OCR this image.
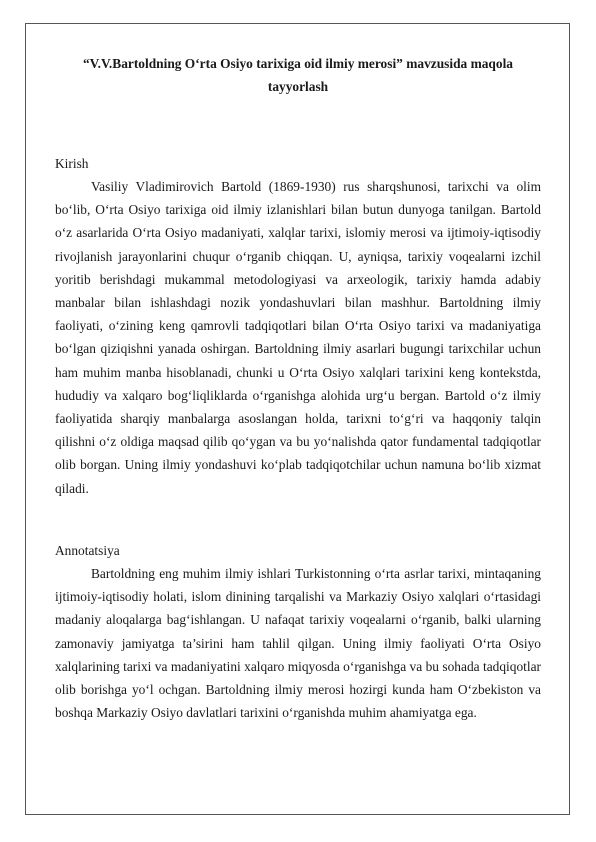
“V.V.Bartoldning O‘rta Osiyo tarixiga oid ilmiy merosi” mavzusida maqola tayyorlash

Kirish

Vasiliy Vladimirovich Bartold (1869-1930) rus sharqshunosi, tarixchi va olim bo‘lib, O‘rta Osiyo tarixiga oid ilmiy izlanishlari bilan butun dunyoga tanilgan. Bartold o‘z asarlarida O‘rta Osiyo madaniyati, xalqlar tarixi, islomiy merosi va ijtimoiy-iqtisodiy rivojlanish jarayonlarini chuqur o‘rganib chiqqan. U, ayniqsa, tarixiy voqealarni izchil yoritib berishdagi mukammal metodologiyasi va arxeologik, tarixiy hamda adabiy manbalar bilan ishlashdagi nozik yondashuvlari bilan mashhur. Bartoldning ilmiy faoliyati, o‘zining keng qamrovli tadqiqotlari bilan O‘rta Osiyo tarixi va madaniyatiga bo‘lgan qiziqishni yanada oshirgan. Bartoldning ilmiy asarlari bugungi tarixchilar uchun ham muhim manba hisoblanadi, chunki u O‘rta Osiyo xalqlari tarixini keng kontekstda, hududiy va xalqaro bog‘liqliklarda o‘rganishga alohida urg‘u bergan. Bartold o‘z ilmiy faoliyatida sharqiy manbalarga asoslangan holda, tarixni to‘g‘ri va haqqoniy talqin qilishni o‘z oldiga maqsad qilib qo‘ygan va bu yo‘nalishda qator fundamental tadqiqotlar olib borgan. Uning ilmiy yondashuvi ko‘plab tadqiqotchilar uchun namuna bo‘lib xizmat qiladi.

Annotatsiya

Bartoldning eng muhim ilmiy ishlari Turkistonning o‘rta asrlar tarixi, mintaqaning ijtimoiy-iqtisodiy holati, islom dinining tarqalishi va Markaziy Osiyo xalqlari o‘rtasidagi madaniy aloqalarga bag‘ishlangan. U nafaqat tarixiy voqealarni o‘rganib, balki ularning zamonaviy jamiyatga ta’sirini ham tahlil qilgan. Uning ilmiy faoliyati O‘rta Osiyo xalqlarining tarixi va madaniyatini xalqaro miqyosda o‘rganishga va bu sohada tadqiqotlar olib borishga yo‘l ochgan. Bartoldning ilmiy merosi hozirgi kunda ham O‘zbekiston va boshqa Markaziy Osiyo davlatlari tarixini o‘rganishda muhim ahamiyatga ega.
